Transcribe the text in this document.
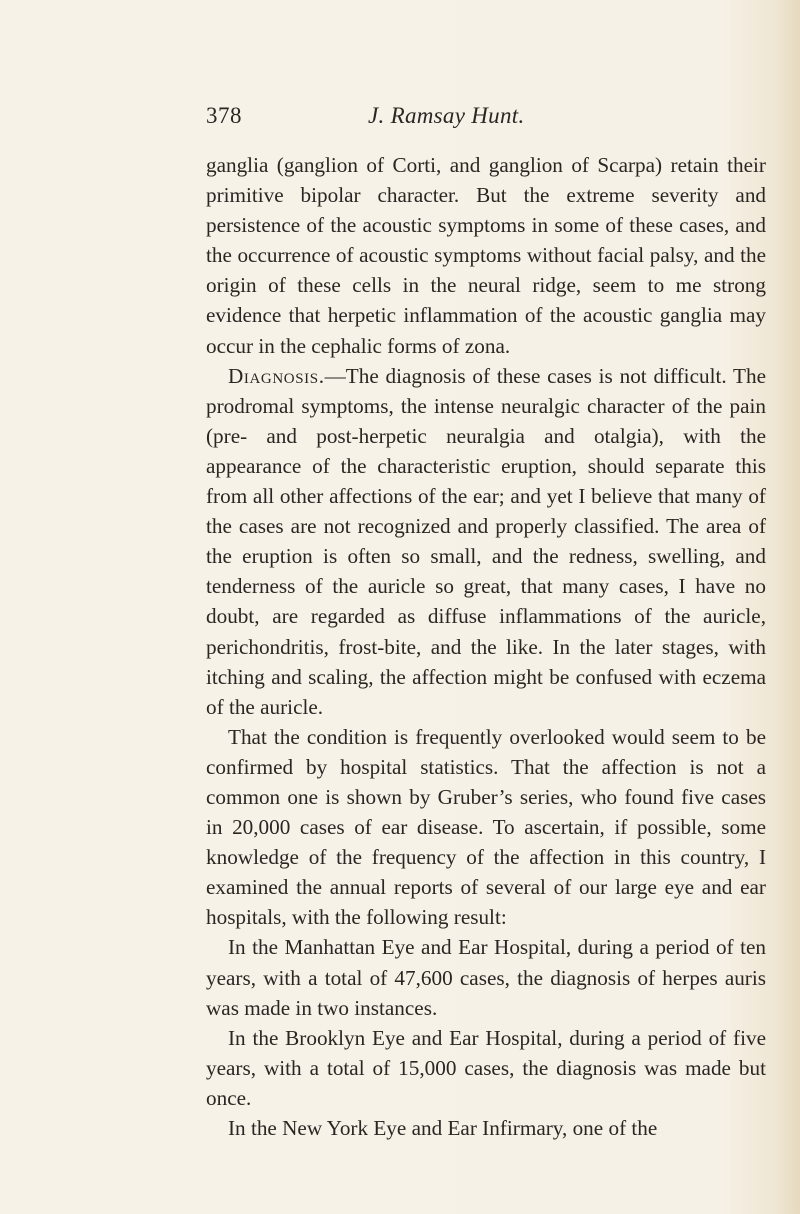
378	J. Ramsay Hunt.

ganglia (ganglion of Corti, and ganglion of Scarpa) retain their primitive bipolar character. But the extreme severity and persistence of the acoustic symptoms in some of these cases, and the occurrence of acoustic symptoms without facial palsy, and the origin of these cells in the neural ridge, seem to me strong evidence that herpetic inflammation of the acoustic ganglia may occur in the cephalic forms of zona.

Diagnosis.—The diagnosis of these cases is not difficult. The prodromal symptoms, the intense neuralgic character of the pain (pre- and post-herpetic neuralgia and otalgia), with the appearance of the characteristic eruption, should separate this from all other affections of the ear; and yet I believe that many of the cases are not recognized and properly classified. The area of the eruption is often so small, and the redness, swelling, and tenderness of the auricle so great, that many cases, I have no doubt, are regarded as diffuse inflammations of the auricle, perichondritis, frost-bite, and the like. In the later stages, with itching and scaling, the affection might be confused with eczema of the auricle.

That the condition is frequently overlooked would seem to be confirmed by hospital statistics. That the affection is not a common one is shown by Gruber’s series, who found five cases in 20,000 cases of ear disease. To ascertain, if possible, some knowledge of the frequency of the affection in this country, I examined the annual reports of several of our large eye and ear hospitals, with the following result:

In the Manhattan Eye and Ear Hospital, during a period of ten years, with a total of 47,600 cases, the diagnosis of herpes auris was made in two instances.

In the Brooklyn Eye and Ear Hospital, during a period of five years, with a total of 15,000 cases, the diagnosis was made but once.

In the New York Eye and Ear Infirmary, one of the
